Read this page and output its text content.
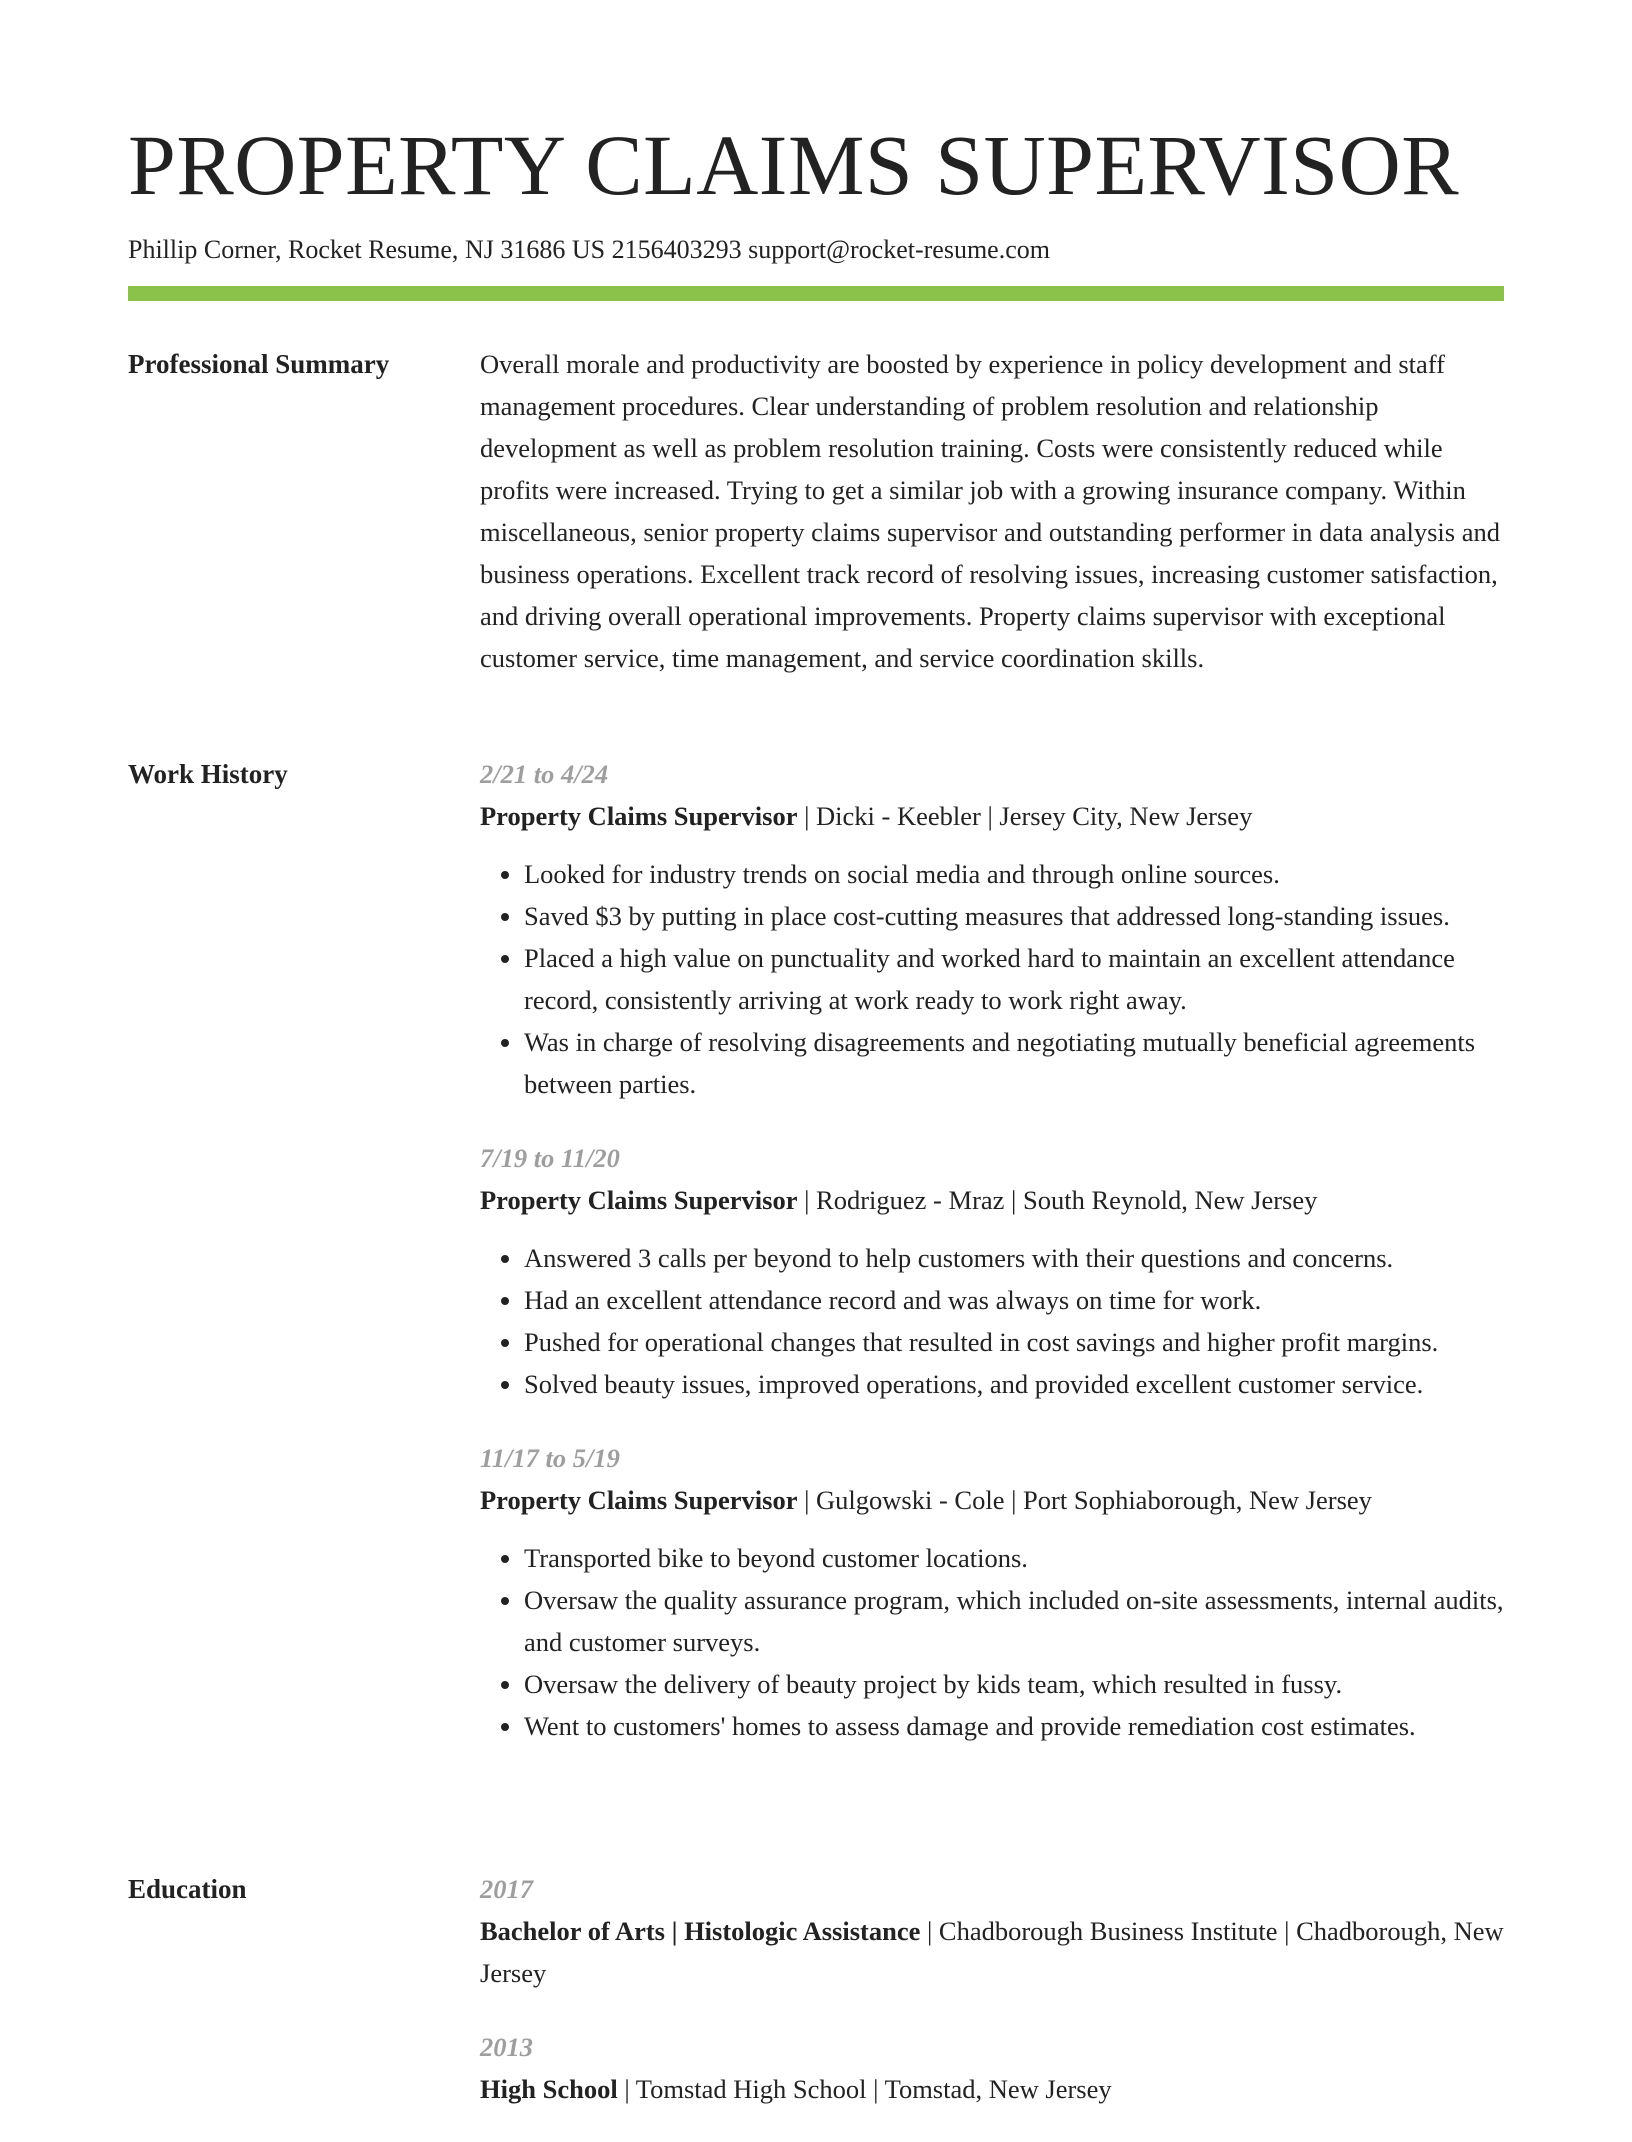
PROPERTY CLAIMS SUPERVISOR
Phillip Corner, Rocket Resume, NJ 31686 US 2156403293 support@rocket-resume.com
Professional Summary	Overall morale and productivity are boosted by experience in policy development and staff management procedures. Clear understanding of problem resolution and relationship development as well as problem resolution training. Costs were consistently reduced while profits were increased. Trying to get a similar job with a growing insurance company. Within miscellaneous, senior property claims supervisor and outstanding performer in data analysis and business operations. Excellent track record of resolving issues, increasing customer satisfaction, and driving overall operational improvements. Property claims supervisor with exceptional customer service, time management, and service coordination skills.

Work History	2/21 to 4/24
Property Claims Supervisor | Dicki - Keebler | Jersey City, New Jersey
• Looked for industry trends on social media and through online sources.
• Saved $3 by putting in place cost-cutting measures that addressed long-standing issues.
• Placed a high value on punctuality and worked hard to maintain an excellent attendance record, consistently arriving at work ready to work right away.
• Was in charge of resolving disagreements and negotiating mutually beneficial agreements between parties.
7/19 to 11/20
Property Claims Supervisor | Rodriguez - Mraz | South Reynold, New Jersey
• Answered 3 calls per beyond to help customers with their questions and concerns.
• Had an excellent attendance record and was always on time for work.
• Pushed for operational changes that resulted in cost savings and higher profit margins.
• Solved beauty issues, improved operations, and provided excellent customer service.
11/17 to 5/19
Property Claims Supervisor | Gulgowski - Cole | Port Sophiaborough, New Jersey
• Transported bike to beyond customer locations.
• Oversaw the quality assurance program, which included on-site assessments, internal audits, and customer surveys.
• Oversaw the delivery of beauty project by kids team, which resulted in fussy.
• Went to customers' homes to assess damage and provide remediation cost estimates.
Education	2017
Bachelor of Arts | Histologic Assistance | Chadborough Business Institute | Chadborough, New Jersey
2013
High School | Tomstad High School | Tomstad, New Jersey
